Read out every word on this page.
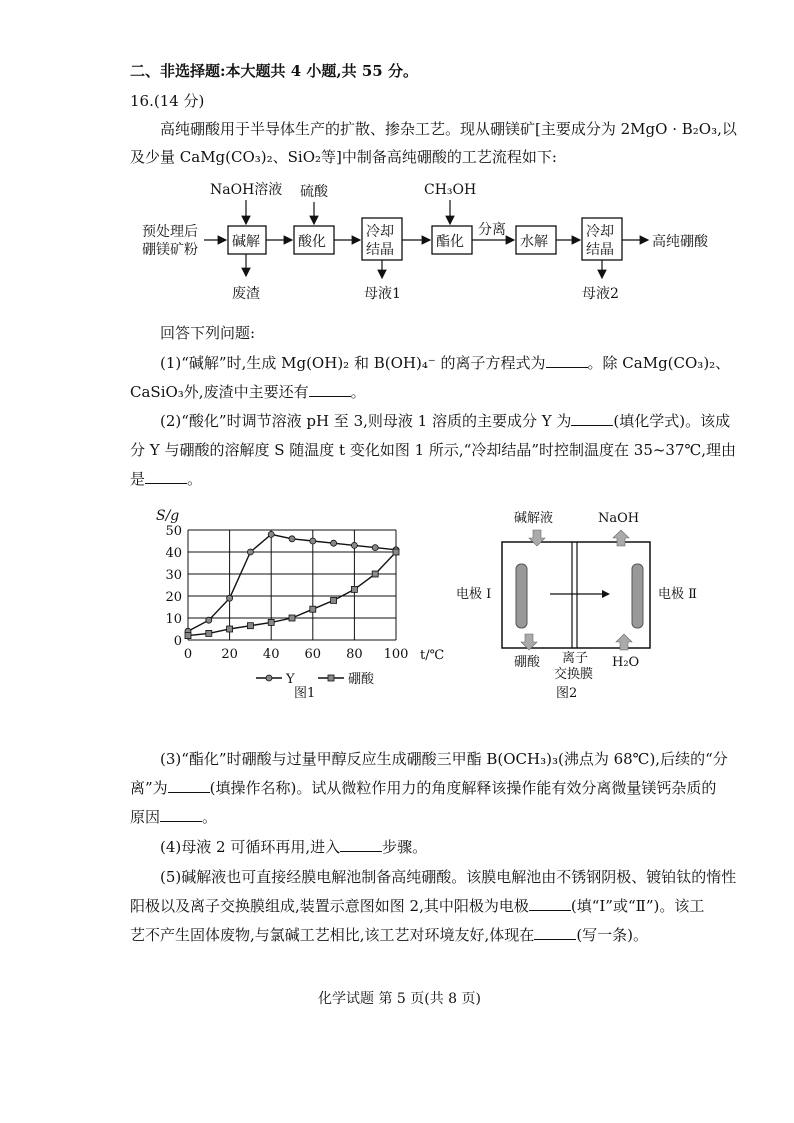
二、非选择题:本大题共 4 小题,共 55 分。
16.(14 分)
高纯硼酸用于半导体生产的扩散、掺杂工艺。现从硼镁矿[主要成分为 2MgO · B₂O₃,以
及少量 CaMg(CO₃)₂、SiO₂等]中制备高纯硼酸的工艺流程如下:
预处理后
硼镁矿粉
NaOH溶液 硫酸	CH₃OH
碱解	酸化
冷却
结晶	酯化
分离
水解
冷却
结晶	高纯硼酸
废渣	母液1	母液2
回答下列问题:
(1)“碱解”时,生成 Mg(OH)₂ 和 B(OH)₄⁻ 的离子方程式为	。除 CaMg(CO₃)₂、
CaSiO₃外,废渣中主要还有	。
(2)“酸化”时调节溶液 pH 至 3,则母液 1 溶质的主要成分 Y 为	(填化学式)。该成
分 Y 与硼酸的溶解度 S 随温度 t 变化如图 1 所示,“冷却结晶”时控制温度在 35~37℃,理由
是	。
0
10
20
30
40
50
0 20 40 60 80 100
S/g
t/℃
图1
Y	硼酸
碱解液	NaOH
电极 Ⅰ	电极 Ⅱ
硼酸 离子
交换膜
H₂O
图2
(3)“酯化”时硼酸与过量甲醇反应生成硼酸三甲酯 B(OCH₃)₃(沸点为 68℃),后续的“分
离”为	(填操作名称)。试从微粒作用力的角度解释该操作能有效分离微量镁钙杂质的
原因	。
(4)母液 2 可循环再用,进入	步骤。
(5)碱解液也可直接经膜电解池制备高纯硼酸。该膜电解池由不锈钢阴极、镀铂钛的惰性
阳极以及离子交换膜组成,装置示意图如图 2,其中阳极为电极	(填“Ⅰ”或“Ⅱ”)。该工
艺不产生固体废物,与氯碱工艺相比,该工艺对环境友好,体现在	(写一条)。
化学试题 第 5 页(共 8 页)
